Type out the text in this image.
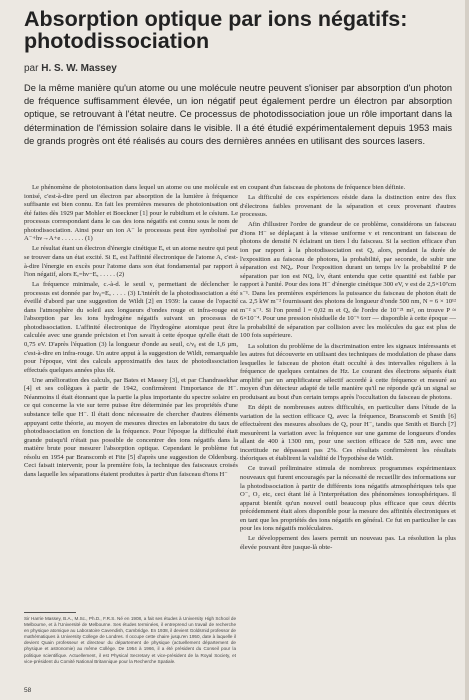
Absorption optique par ions négatifs: photodissociation

par H. S. W. Massey

De la même manière qu'un atome ou une molécule neutre peuvent s'ioniser par absorption d'un photon de fréquence suffisamment élevée, un ion négatif peut également perdre un électron par absorption optique, se retrouvant à l'état neutre. Ce processus de photodissociation joue un rôle important dans la détermination de l'émission solaire dans le visible. Il a été étudié expérimentalement depuis 1953 mais de grands progrès ont été réalisés au cours des dernières années en utilisant des sources lasers.

Le phénomène de photoionisation dans lequel un atome ou une molécule est ionisé, c'est-à-dire perd un électron par absorption de la lumière à fréquence suffisante est bien connu. En fait les premières mesures de photoionisation ont été faites dès 1929 par Mohler et Boeckner [1] pour le rubidium et le césium. Le processus correspondant dans le cas des ions négatifs est connu sous le nom de photodissociation. Ainsi pour un ion A⁻ le processus peut être symbolisé par A⁻+hν→A+e . . . . . . . (1)

Le résultat étant un électron d'énergie cinétique Eₑ et un atome neutre qui peut se trouver dans un état excité. Si Eₐ est l'affinité électronique de l'atome A, c'est-à-dire l'énergie en excès pour l'atome dans son état fondamental par rapport à l'ion négatif, alors Eₑ=hν−Eₐ . . . . . (2)

La fréquence minimale, c.-à-d. le seuil ν, permettant de déclencher le processus est donnée par hν₀=Eₐ . . . . (3) L'intérêt de la photodissociation a été éveillé d'abord par une suggestion de Wildt [2] en 1939: la cause de l'opacité dans l'atmosphère du soleil aux longueurs d'ondes rouge et infra-rouge est l'absorption par les ions hydrogène négatifs suivant un processus de photodissociation. L'affinité électronique de l'hydrogène atomique peut être calculée avec une grande précision et l'on savait à cette époque qu'elle était de 0,75 eV. D'après l'équation (3) la longueur d'onde au seuil, c/ν₀ est de 1,6 µm, c'est-à-dire en infra-rouge. Un autre appui à la suggestion de Wildt, remarquable pour l'époque, vint des calculs approximatifs des taux de photodissociation effectués quelques années plus tôt.

Une amélioration des calculs, par Bates et Massey [3], et par Chandrasekhar [4] et ses collègues à partir de 1942, confirmèrent l'importance de H⁻. Néanmoins il était étonnant que la partie la plus importante du spectre solaire en ce qui concerne la vie sur terre puisse être déterminée par les propriétés d'une substance telle que H⁻. Il était donc nécessaire de chercher d'autres éléments appuyant cette théorie, au moyen de mesures directes en laboratoire du taux de photodissociation en fonction de la fréquence. Pour l'époque la difficulté était grande puisqu'il n'était pas possible de concentrer des ions négatifs dans la matière brute pour mesurer l'absorption optique. Cependant le problème fut résolu en 1954 par Branscomb et Fite [5] d'après une suggestion de Oldenburg. Ceci faisait intervenir, pour la première fois, la technique des faisceaux croisés dans laquelle les séparations étaient produites à partir d'un faisceau d'ions H⁻

en coupant d'un faisceau de photons de fréquence bien définie.

La difficulté de ces expériences réside dans la distinction entre des flux d'électrons faibles provenant de la séparation et ceux provenant d'autres processus.

Afin d'illustrer l'ordre de grandeur de ce problème, considérons un faisceau d'ions H⁻ se déplaçant à la vitesse uniforme v et rencontrant un faisceau de photons de densité N éclairant un tiers l du faisceau. Si la section efficace d'un ion par rapport à la photodissociation est Qₐ alors, pendant la durée de l'exposition au faisceau de photons, la probabilité, par seconde, de subir une séparation est NQₐ. Pour l'exposition durant un temps l/v la probabilité P de séparation par ion est NQₐ l/v, étant entendu que cette quantité est faible par rapport à l'unité. Pour des ions H⁻ d'énergie cinétique 300 eV, v est de 2,5×10⁷cm s⁻¹. Dans les premières expériences la puissance du faisceau de photon était de ca. 2,5 kW m⁻² fournissant des photons de longueur d'onde 500 nm, N = 6 × 10¹² m⁻² s⁻¹. Si l'on prend l = 0,02 m et Qₐ de l'ordre de 10⁻²¹ m², on trouve P ≈ 6×10⁻⁴. Pour une pression résiduelle de 10⁻⁶ torr — disponible à cette époque — la probabilité de séparation par collision avec les molécules du gaz est plus de 100 fois supérieure.

La solution du problème de la discrimination entre les signaux intéressants et les autres fut découverte en utilisant des techniques de modulation de phase dans lesquelles le faisceau de photon était occulté à des intervalles réguliers à la fréquence de quelques centaines de Hz. Le courant des électrons séparés était amplifié par un amplificateur sélectif accordé à cette fréquence et mesuré au moyen d'un détecteur adapté de telle manière qu'il ne réponde qu'à un signal se produisant au bout d'un certain temps après l'occultation du faisceau de photons.

En dépit de nombreuses autres difficultés, en particulier dans l'étude de la variation de la section efficace Qₐ avec la fréquence, Branscomb et Smith [6] effectuèrent des mesures absolues de Qₐ pour H⁻, tandis que Smith et Burch [7] mesurèrent la variation avec la fréquence sur une gamme de longueurs d'ondes allant de 400 à 1300 nm, pour une section efficace de 528 nm, avec une incertitude ne dépassant pas 2%. Ces résultats confirmèrent les résultats théoriques et établirent la validité de l'hypothèse de Wildt.

Ce travail préliminaire stimula de nombreux programmes expérimentaux nouveaux qui furent encouragés par la nécessité de recueillir des informations sur la photodissociation à partir de différents ions négatifs atmosphériques tels que O⁻, O₂ etc, ceci étant lié à l'interprétation des phénomènes ionosphériques. Il apparut bientôt qu'un nouvel outil beaucoup plus efficace que ceux décrits précédemment était alors disponible pour la mesure des affinités électroniques et en tant que les propriétés des ions négatifs en général. Ce fut en particulier le cas pour les ions négatifs moléculaires.

Le développement des lasers permit un nouveau pas. La résolution la plus élevée pouvant être jusque-là obte-

Sir Harrie Massey, B.A., M.Sc., Ph.D., F.R.S. Né en 1908, a fait ses études à University High School de Melbourne, et à l'Université de Melbourne. Ses études terminées, il entreprend un travail de recherche en physique atomique au Laboratoire Cavendish, Cambridge. En 1938, il devient Goldsmid professor de mathématiques à University College de Londres. Il occupe cette chaire jusqu'en 1950, date à laquelle il devient Quain professeur et directeur du département de physique (actuellement département de physique et astronomie) au même Collège. De 1954 à 1966, il a été président du Conseil pour la politique scientifique. Actuellement, il est Physical Secretary et vice-président de la Royal Society, et vice-président du Comité National Britannique pour la Recherche Spatiale.

58
